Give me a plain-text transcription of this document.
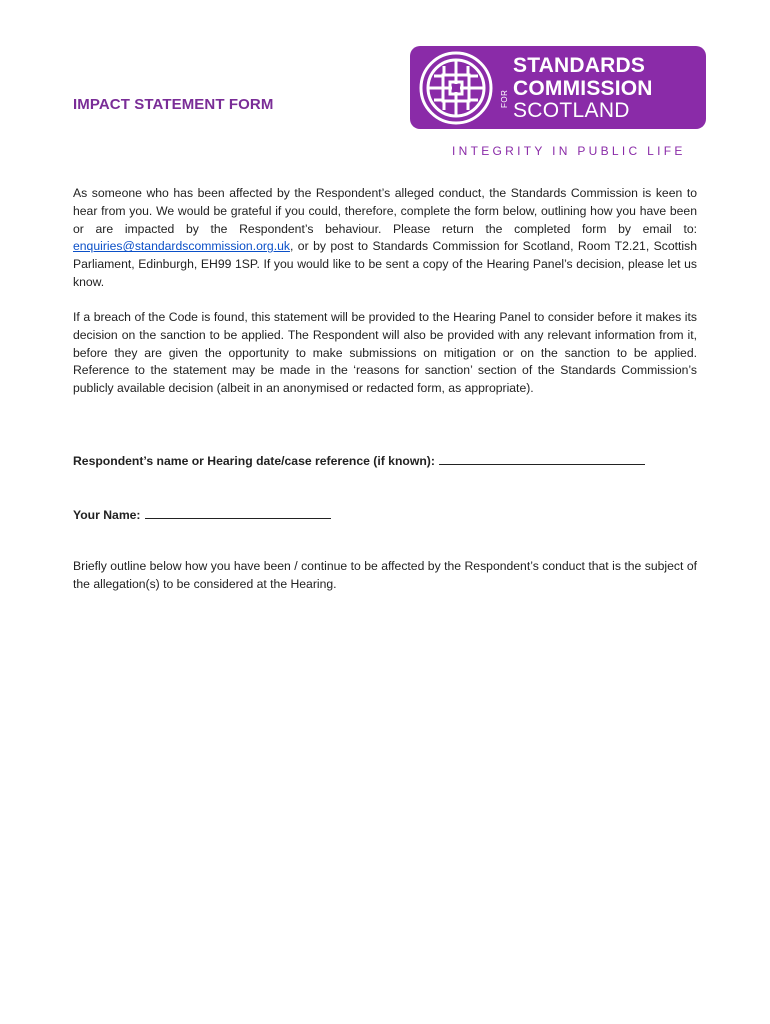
IMPACT STATEMENT FORM
STANDARDS
COMMISSION
FOR
SCOTLAND
INTEGRITY IN PUBLIC LIFE
As someone who has been affected by the Respondent’s alleged conduct, the Standards Commission is keen to hear from you. We would be grateful if you could, therefore, complete the form below, outlining how you have been or are impacted by the Respondent’s behaviour. Please return the completed form by email to: enquiries@standardscommission.org.uk, or by post to Standards Commission for Scotland, Room T2.21, Scottish Parliament, Edinburgh, EH99 1SP. If you would like to be sent a copy of the Hearing Panel’s decision, please let us know.
If a breach of the Code is found, this statement will be provided to the Hearing Panel to consider before it makes its decision on the sanction to be applied. The Respondent will also be provided with any relevant information from it, before they are given the opportunity to make submissions on mitigation or on the sanction to be applied. Reference to the statement may be made in the ‘reasons for sanction’ section of the Standards Commission’s publicly available decision (albeit in an anonymised or redacted form, as appropriate).
Respondent’s name or Hearing date/case reference (if known):
Your Name:
Briefly outline below how you have been / continue to be affected by the Respondent’s conduct that is the subject of the allegation(s) to be considered at the Hearing.
